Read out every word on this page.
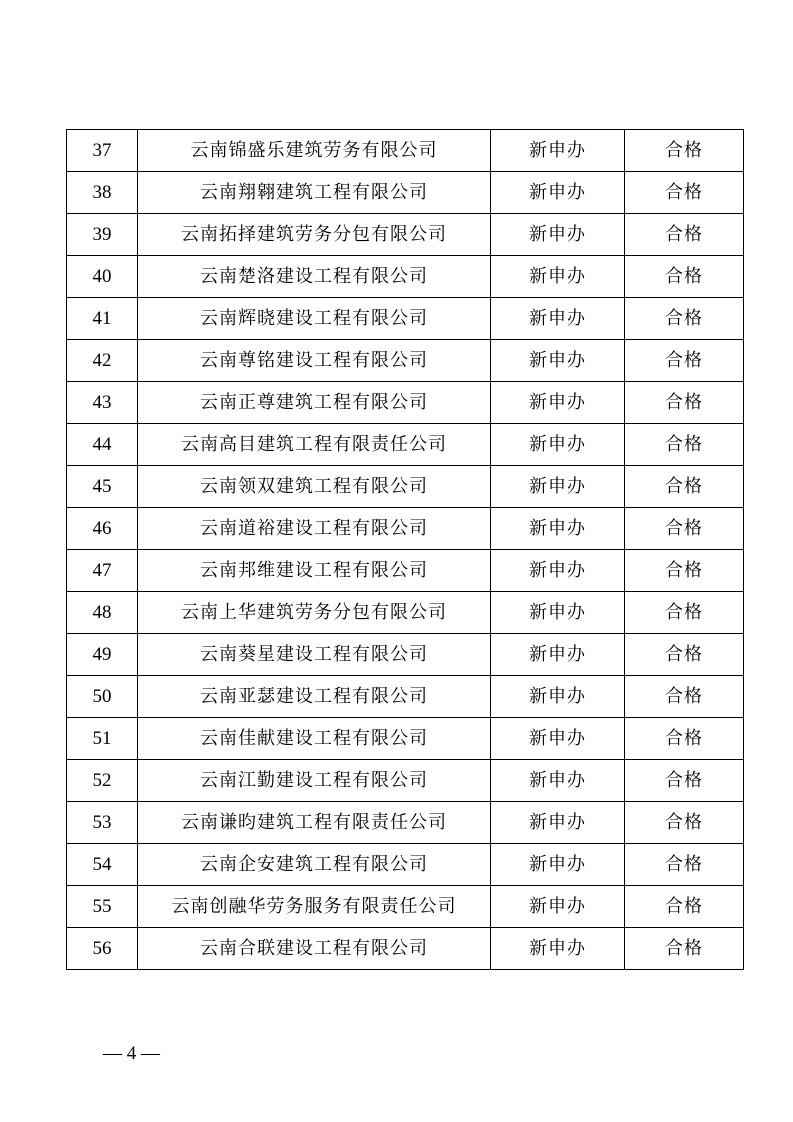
37	云南锦盛乐建筑劳务有限公司	新申办	合格
38	云南翔翱建筑工程有限公司	新申办	合格
39	云南拓择建筑劳务分包有限公司	新申办	合格
40	云南楚洛建设工程有限公司	新申办	合格
41	云南辉晓建设工程有限公司	新申办	合格
42	云南尊铭建设工程有限公司	新申办	合格
43	云南正尊建筑工程有限公司	新申办	合格
44	云南高目建筑工程有限责任公司	新申办	合格
45	云南领双建筑工程有限公司	新申办	合格
46	云南道裕建设工程有限公司	新申办	合格
47	云南邦维建设工程有限公司	新申办	合格
48	云南上华建筑劳务分包有限公司	新申办	合格
49	云南葵星建设工程有限公司	新申办	合格
50	云南亚瑟建设工程有限公司	新申办	合格
51	云南佳献建设工程有限公司	新申办	合格
52	云南江勤建设工程有限公司	新申办	合格
53	云南谦昀建筑工程有限责任公司	新申办	合格
54	云南企安建筑工程有限公司	新申办	合格
55	云南创融华劳务服务有限责任公司	新申办	合格
56	云南合联建设工程有限公司	新申办	合格
— 4 —
